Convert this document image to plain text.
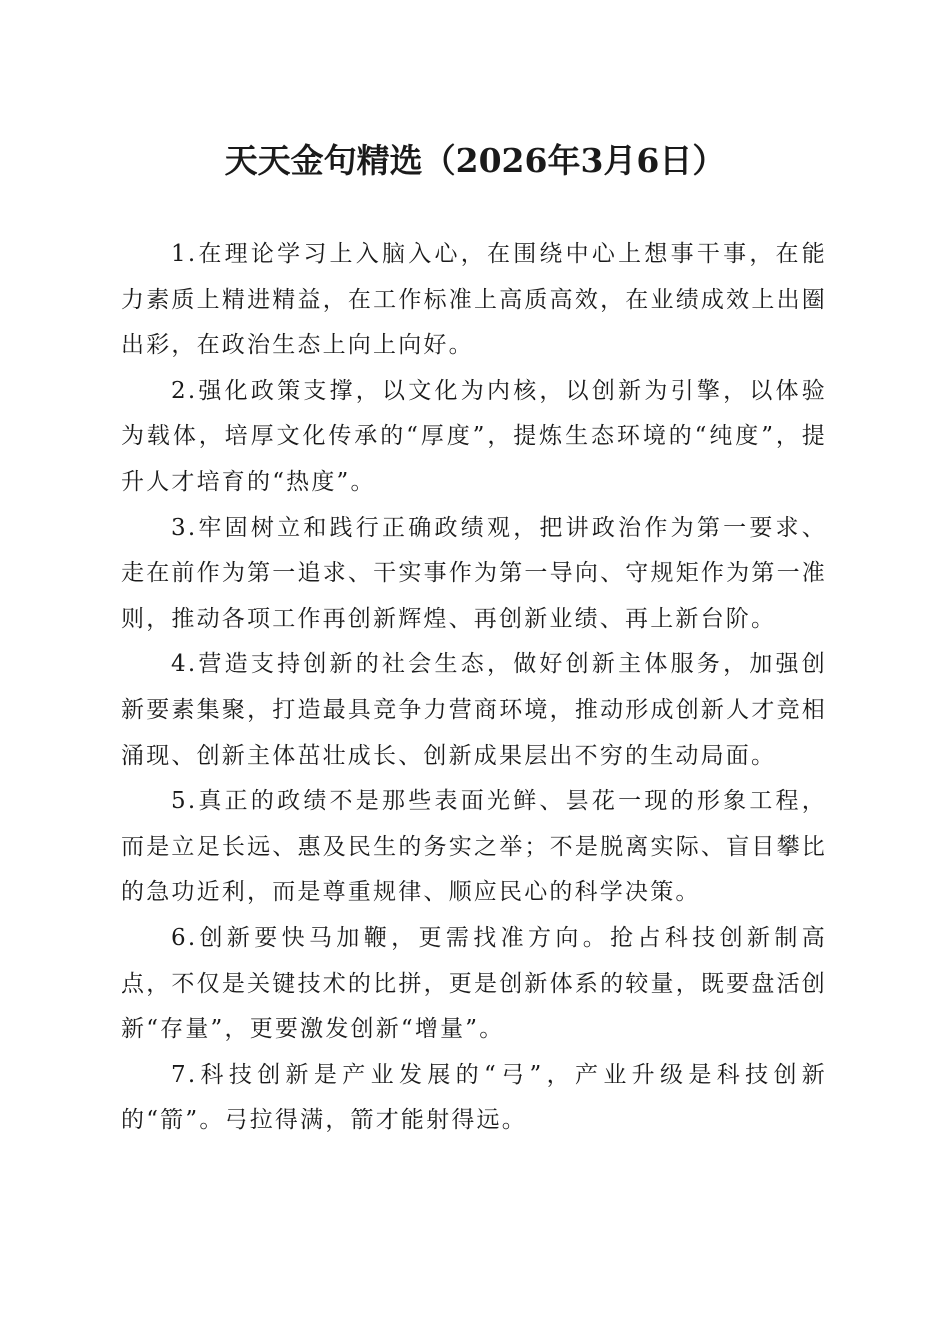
天天金句精选（2026年3月6日）

1.在理论学习上入脑入心，在围绕中心上想事干事，在能力素质上精进精益，在工作标准上高质高效，在业绩成效上出圈出彩，在政治生态上向上向好。

2.强化政策支撑，以文化为内核，以创新为引擎，以体验为载体，培厚文化传承的“厚度”，提炼生态环境的“纯度”，提升人才培育的“热度”。

3.牢固树立和践行正确政绩观，把讲政治作为第一要求、走在前作为第一追求、干实事作为第一导向、守规矩作为第一准则，推动各项工作再创新辉煌、再创新业绩、再上新台阶。

4.营造支持创新的社会生态，做好创新主体服务，加强创新要素集聚，打造最具竞争力营商环境，推动形成创新人才竞相涌现、创新主体茁壮成长、创新成果层出不穷的生动局面。

5.真正的政绩不是那些表面光鲜、昙花一现的形象工程，而是立足长远、惠及民生的务实之举；不是脱离实际、盲目攀比的急功近利，而是尊重规律、顺应民心的科学决策。

6.创新要快马加鞭，更需找准方向。抢占科技创新制高点，不仅是关键技术的比拼，更是创新体系的较量，既要盘活创新“存量”，更要激发创新“增量”。

7.科技创新是产业发展的“弓”，产业升级是科技创新的“箭”。弓拉得满，箭才能射得远。
